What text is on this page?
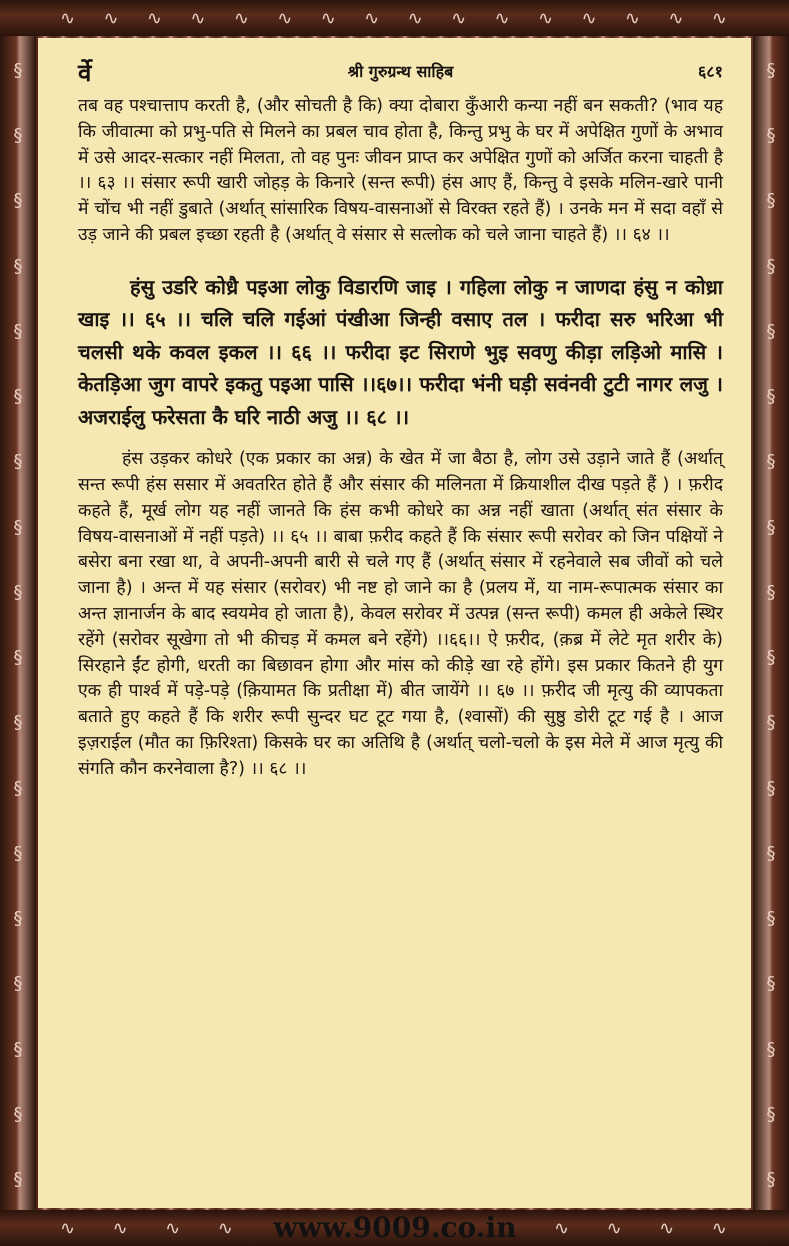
∿ ∿ ∿ ∿ ∿ ∿ ∿ ∿ ∿ ∿ ∿ ∿ ∿ ∿ ∿ ∿
§
§
§
§
§
§
§
§
§
§
§
§
§
§
§
§
§
§
§
§
§
§
§
§
§
§
§
§
§
§
§
§
§
§
§
§
∿ ∿ ∿ ∿	∿ ∿ ∿ ∿
र्वे	श्री गुरुग्रन्थ साहिब	६८१

तब वह पश्चात्ताप करती है, (और सोचती है कि) क्या दोबारा कुँआरी कन्या नहीं बन सकती? (भाव यह कि जीवात्मा को प्रभु-पति से मिलने का प्रबल चाव होता है, किन्तु प्रभु के घर में अपेक्षित गुणों के अभाव में उसे आदर-सत्कार नहीं मिलता, तो वह पुनः जीवन प्राप्त कर अपेक्षित गुणों को अर्जित करना चाहती है ।। ६३ ।। संसार रूपी खारी जोहड़ के किनारे (सन्त रूपी) हंस आए हैं, किन्तु वे इसके मलिन-खारे पानी में चोंच भी नहीं डुबाते (अर्थात् सांसारिक विषय-वासनाओं से विरक्त रहते हैं) । उनके मन में सदा वहाँ से उड़ जाने की प्रबल इच्छा रहती है (अर्थात् वे संसार से सत्लोक को चले जाना चाहते हैं) ।। ६४ ।।

हंसु उडरि कोध्रै पइआ लोकु विडारणि जाइ । गहिला लोकु न जाणदा हंसु न कोध्रा खाइ ।। ६५ ।। चलि चलि गईआं पंखीआ जिन्ही वसाए तल । फरीदा सरु भरिआ भी चलसी थके कवल इकल ।। ६६ ।। फरीदा इट सिराणे भुइ सवणु कीड़ा लड़िओ मासि । केतड़िआ जुग वापरे इकतु पइआ पासि ।।६७।। फरीदा भंनी घड़ी सवंनवी टुटी नागर लजु । अजराईलु फरेसता कै घरि नाठी अजु ।। ६८ ।।

हंस उड़कर कोधरे (एक प्रकार का अन्न) के खेत में जा बैठा है, लोग उसे उड़ाने जाते हैं (अर्थात् सन्त रूपी हंस ससार में अवतरित होते हैं और संसार की मलिनता में क्रियाशील दीख पड़ते हैं ) । फ़रीद कहते हैं, मूर्ख लोग यह नहीं जानते कि हंस कभी कोधरे का अन्न नहीं खाता (अर्थात् संत संसार के विषय-वासनाओं में नहीं पड़ते) ।। ६५ ।। बाबा फ़रीद कहते हैं कि संसार रूपी सरोवर को जिन पक्षियों ने बसेरा बना रखा था, वे अपनी-अपनी बारी से चले गए हैं (अर्थात् संसार में रहनेवाले सब जीवों को चले जाना है) । अन्त में यह संसार (सरोवर) भी नष्ट हो जाने का है (प्रलय में, या नाम-रूपात्मक संसार का अन्त ज्ञानार्जन के बाद स्वयमेव हो जाता है), केवल सरोवर में उत्पन्न (सन्त रूपी) कमल ही अकेले स्थिर रहेंगे (सरोवर सूखेगा तो भी कीचड़ में कमल बने रहेंगे) ।।६६।। ऐ फ़रीद, (क़ब्र में लेटे मृत शरीर के) सिरहाने ईंट होगी, धरती का बिछावन होगा और मांस को कीड़े खा रहे होंगे। इस प्रकार कितने ही युग एक ही पार्श्व में पड़े-पड़े (क़ियामत कि प्रतीक्षा में) बीत जायेंगे ।। ६७ ।। फ़रीद जी मृत्यु की व्यापकता बताते हुए कहते हैं कि शरीर रूपी सुन्दर घट टूट गया है, (श्वासों) की सुष्ठु डोरी टूट गई है । आज इज़राईल (मौत का फ़िरिश्ता) किसके घर का अतिथि है (अर्थात् चलो-चलो के इस मेले में आज मृत्यु की संगति कौन करनेवाला है?) ।। ६८ ।।

www.9009.co.in
